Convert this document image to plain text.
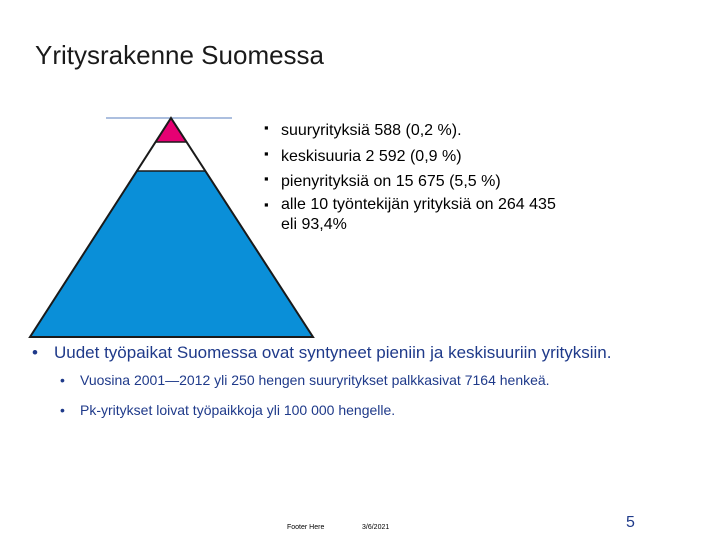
Yritysrakenne Suomessa
▪ suuryrityksiä 588 (0,2 %).
▪ keskisuuria 2 592 (0,9 %)
▪ pienyrityksiä on 15 675 (5,5 %)
▪ alle 10 työntekijän yrityksiä on 264 435
eli 93,4%
• Uudet työpaikat Suomessa ovat syntyneet pieniin ja keskisuuriin yrityksiin.
• Vuosina 2001—2012 yli 250 hengen suuryritykset palkkasivat 7164 henkeä.
• Pk-yritykset loivat työpaikkoja yli 100 000 hengelle.
Footer Here	3/6/2021	5
